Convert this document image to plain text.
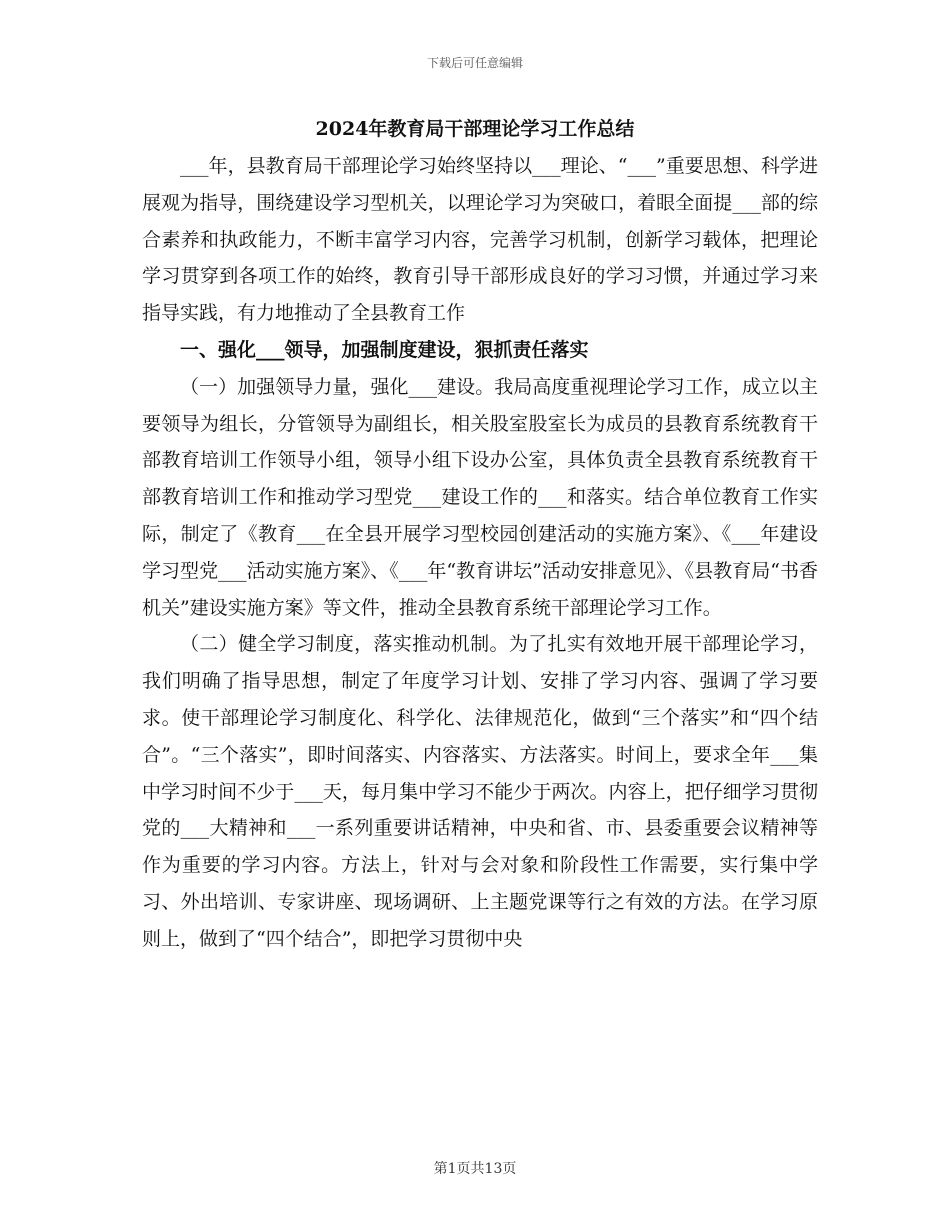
下载后可任意编辑
2024年教育局干部理论学习工作总结

___年，县教育局干部理论学习始终坚持以___理论、“___”重要思想、科学进展观为指导，围绕建设学习型机关，以理论学习为突破口，着眼全面提___部的综合素养和执政能力，不断丰富学习内容，完善学习机制，创新学习载体，把理论学习贯穿到各项工作的始终，教育引导干部形成良好的学习习惯，并通过学习来指导实践，有力地推动了全县教育工作

一、强化___领导，加强制度建设，狠抓责任落实

（一）加强领导力量，强化___建设。我局高度重视理论学习工作，成立以主要领导为组长，分管领导为副组长，相关股室股室长为成员的县教育系统教育干部教育培训工作领导小组，领导小组下设办公室，具体负责全县教育系统教育干部教育培训工作和推动学习型党___建设工作的___和落实。结合单位教育工作实际，制定了《教育___在全县开展学习型校园创建活动的实施方案》、《___年建设学习型党___活动实施方案》、《___年“教育讲坛”活动安排意见》、《县教育局“书香机关”建设实施方案》等文件，推动全县教育系统干部理论学习工作。

（二）健全学习制度，落实推动机制。为了扎实有效地开展干部理论学习，我们明确了指导思想，制定了年度学习计划、安排了学习内容、强调了学习要求。使干部理论学习制度化、科学化、法律规范化，做到“三个落实”和“四个结合”。“三个落实”，即时间落实、内容落实、方法落实。时间上，要求全年___集中学习时间不少于___天，每月集中学习不能少于两次。内容上，把仔细学习贯彻党的___大精神和___一系列重要讲话精神，中央和省、市、县委重要会议精神等作为重要的学习内容。方法上，针对与会对象和阶段性工作需要，实行集中学习、外出培训、专家讲座、现场调研、上主题党课等行之有效的方法。在学习原则上，做到了“四个结合”，即把学习贯彻中央

第1页共13页
